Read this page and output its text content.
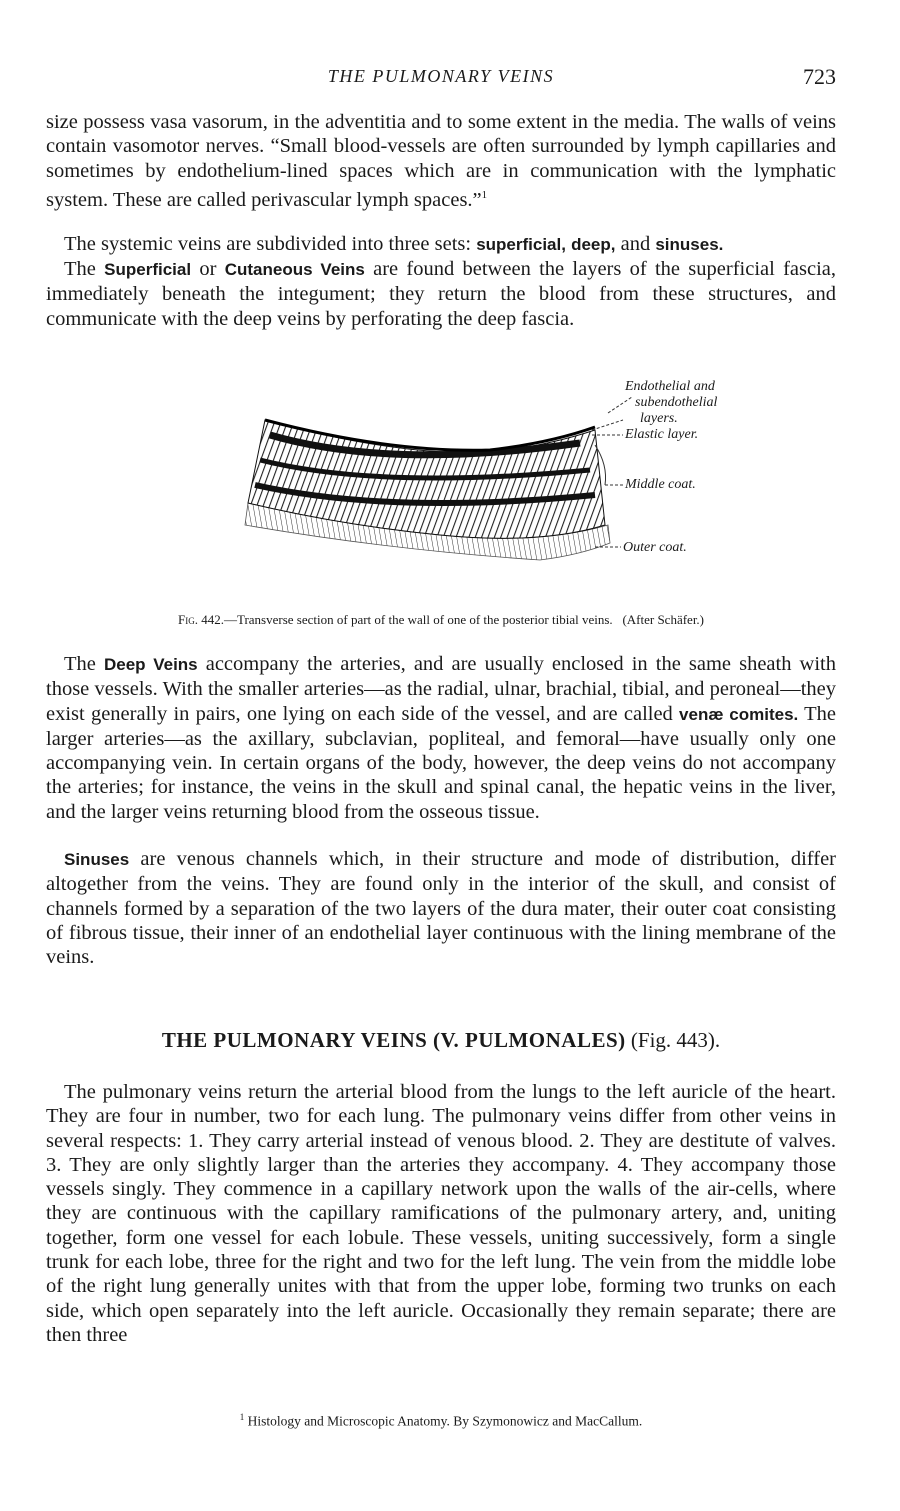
THE PULMONARY VEINS	723

size possess vasa vasorum, in the adventitia and to some extent in the media. The walls of veins contain vasomotor nerves. “Small blood-vessels are often surrounded by lymph capillaries and sometimes by endothelium-lined spaces which are in communication with the lymphatic system. These are called perivascular lymph spaces.”$^1$

The systemic veins are subdivided into three sets: superficial, deep, and sinuses.

The Superficial or Cutaneous Veins are found between the layers of the superficial fascia, immediately beneath the integument; they return the blood from these structures, and communicate with the deep veins by perforating the deep fascia.

Endothelial and
subendothelial
layers.
Elastic layer.
Middle coat.
Outer coat.
Fig. 442.—Transverse section of part of the wall of one of the posterior tibial veins. (After Schäfer.)

The Deep Veins accompany the arteries, and are usually enclosed in the same sheath with those vessels. With the smaller arteries—as the radial, ulnar, brachial, tibial, and peroneal—they exist generally in pairs, one lying on each side of the vessel, and are called venæ comites. The larger arteries—as the axillary, subclavian, popliteal, and femoral—have usually only one accompanying vein. In certain organs of the body, however, the deep veins do not accompany the arteries; for instance, the veins in the skull and spinal canal, the hepatic veins in the liver, and the larger veins returning blood from the osseous tissue.

Sinuses are venous channels which, in their structure and mode of distribution, differ altogether from the veins. They are found only in the interior of the skull, and consist of channels formed by a separation of the two layers of the dura mater, their outer coat consisting of fibrous tissue, their inner of an endothelial layer continuous with the lining membrane of the veins.

THE PULMONARY VEINS (V. PULMONALES) (Fig. 443).

The pulmonary veins return the arterial blood from the lungs to the left auricle of the heart. They are four in number, two for each lung. The pulmonary veins differ from other veins in several respects: 1. They carry arterial instead of venous blood. 2. They are destitute of valves. 3. They are only slightly larger than the arteries they accompany. 4. They accompany those vessels singly. They commence in a capillary network upon the walls of the air-cells, where they are continuous with the capillary ramifications of the pulmonary artery, and, uniting together, form one vessel for each lobule. These vessels, uniting successively, form a single trunk for each lobe, three for the right and two for the left lung. The vein from the middle lobe of the right lung generally unites with that from the upper lobe, forming two trunks on each side, which open separately into the left auricle. Occasionally they remain separate; there are then three

$^1$ Histology and Microscopic Anatomy. By Szymonowicz and MacCallum.
